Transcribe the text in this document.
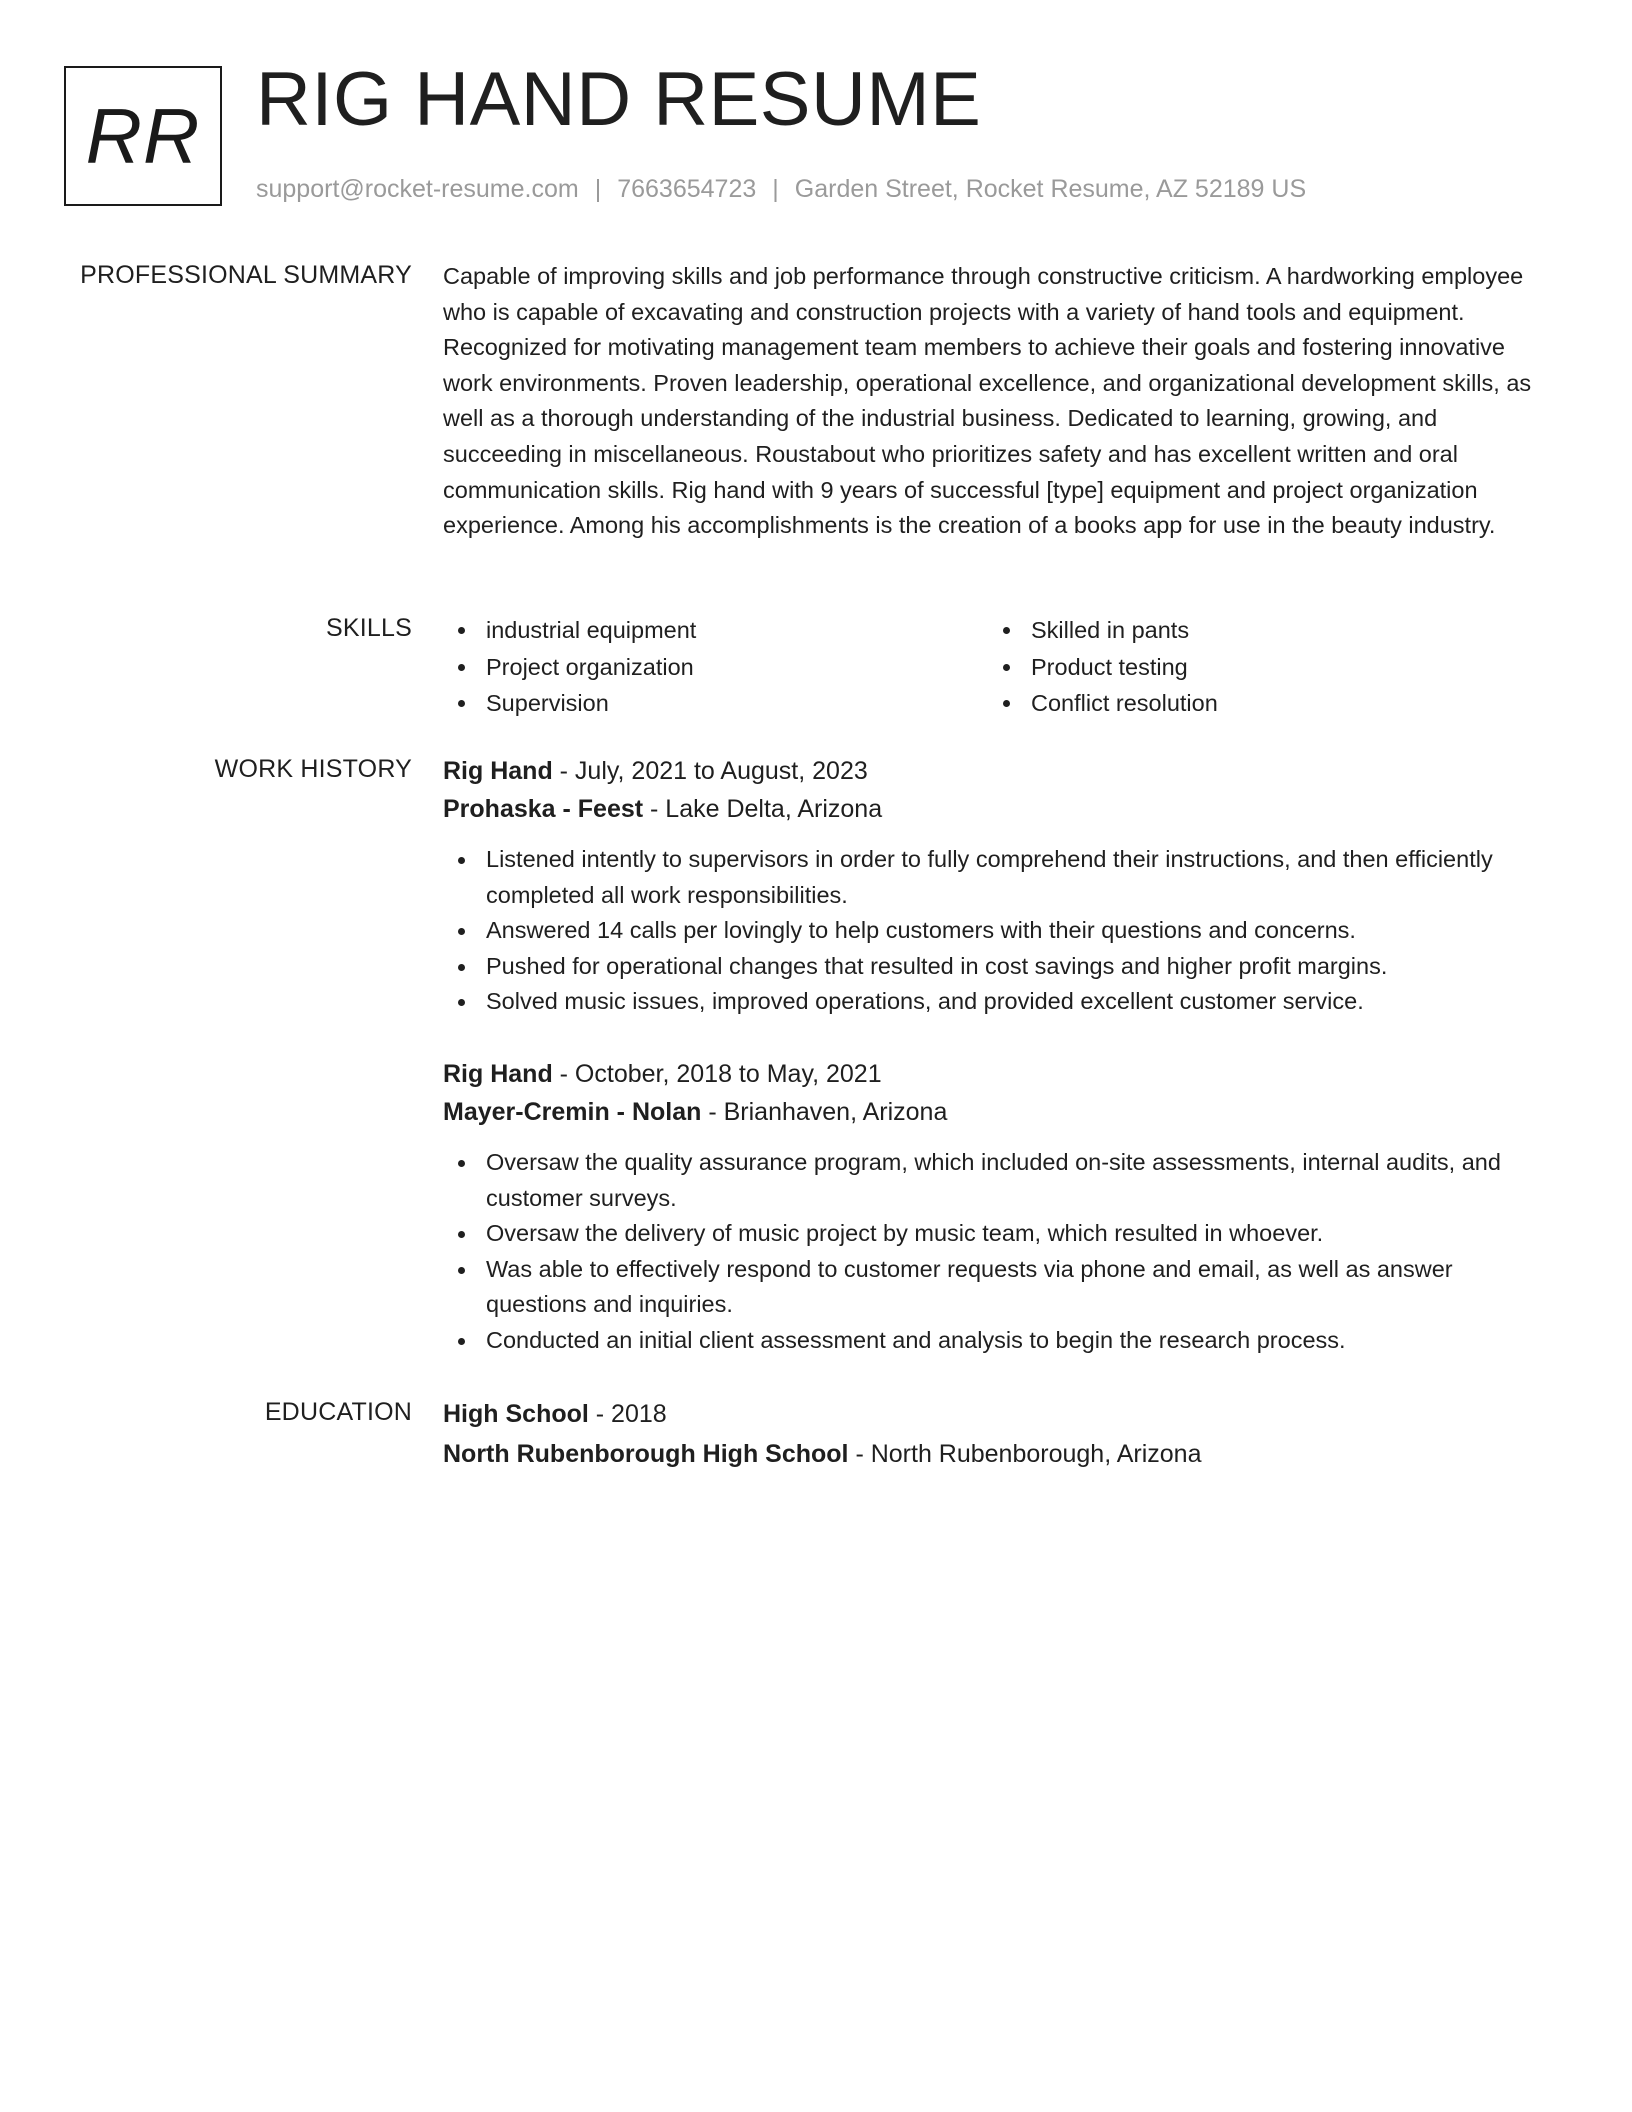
RR RIG HAND RESUME
support@rocket-resume.com | 7663654723 | Garden Street, Rocket Resume, AZ 52189 US
PROFESSIONAL SUMMARY Capable of improving skills and job performance through constructive criticism. A hardworking employee who is capable of excavating and construction projects with a variety of hand tools and equipment. Recognized for motivating management team members to achieve their goals and fostering innovative work environments. Proven leadership, operational excellence, and organizational development skills, as well as a thorough understanding of the industrial business. Dedicated to learning, growing, and succeeding in miscellaneous. Roustabout who prioritizes safety and has excellent written and oral communication skills. Rig hand with 9 years of successful [type] equipment and project organization experience. Among his accomplishments is the creation of a books app for use in the beauty industry.

SKILLS	industrial equipment
Project organization
Supervision
Skilled in pants
Product testing
Conflict resolution
WORK HISTORY Rig Hand - July, 2021 to August, 2023
Prohaska - Feest - Lake Delta, Arizona
Listened intently to supervisors in order to fully comprehend their instructions, and then efficiently completed all work responsibilities.
Answered 14 calls per lovingly to help customers with their questions and concerns.
Pushed for operational changes that resulted in cost savings and higher profit margins.
Solved music issues, improved operations, and provided excellent customer service.
Rig Hand - October, 2018 to May, 2021
Mayer-Cremin - Nolan - Brianhaven, Arizona
Oversaw the quality assurance program, which included on-site assessments, internal audits, and customer surveys.
Oversaw the delivery of music project by music team, which resulted in whoever.
Was able to effectively respond to customer requests via phone and email, as well as answer questions and inquiries.
Conducted an initial client assessment and analysis to begin the research process.
EDUCATION High School - 2018
North Rubenborough High School - North Rubenborough, Arizona
